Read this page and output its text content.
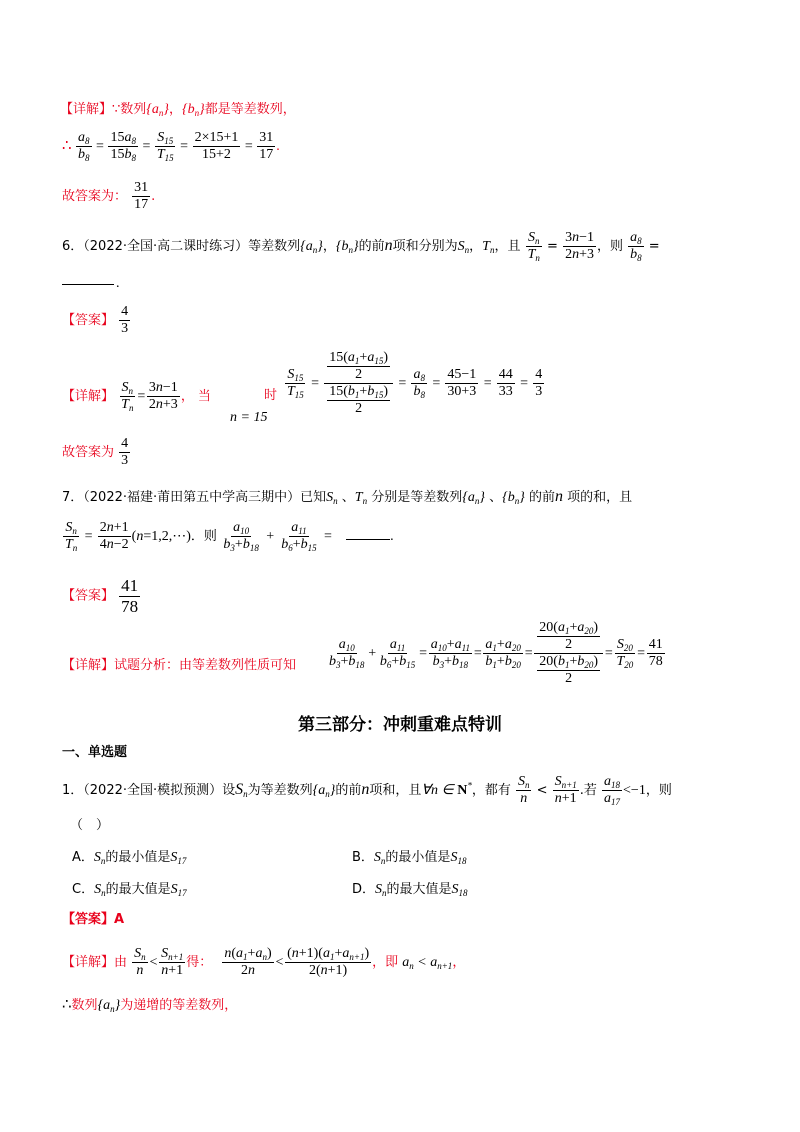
【详解】∵数列$\{a_n\}$，$\{b_n\}$都是等差数列，
∴ $\frac{a_8}{b_8} = \frac{15a_8}{15b_8} = \frac{S_{15}}{T_{15}} = \frac{2\times 15+1}{15+2} = \frac{31}{17}$ .
故答案为： $\frac{31}{17}$ .
6．（2022·全国·高二课时练习）等差数列$\{a_n\}$，$\{b_n\}$的前n项和分别为$S_n$，$T_n$，且 $\frac{S_n}{T_n} = \frac{3n-1}{2n+3}$ ，则 $\frac{a_8}{b_8}$ =
.
【答案】 $\frac{4}{3}$
【详解】 $\frac{S_n}{T_n} = \frac{3n-1}{2n+3}$ ， 当
n = 15
时 $\frac{S_{15}}{T_{15}} = \frac{\frac{15(a_1+a_{15})}{2}}{\frac{15(b_1+b_{15})}{2}} = \frac{a_8}{b_8} = \frac{45-1}{30+3} = \frac{44}{33} = \frac{4}{3}$
故答案为 $\frac{4}{3}$
7．（2022·福建·莆田第五中学高三期中）已知$S_n$ 、$T_n$ 分别是等差数列$\{a_n\}$ 、$\{b_n\}$ 的前n 项的和，且
$\frac{S_n}{T_n} = \frac{2n+1}{4n-2}$ (n=1,2,⋯)．则 $\frac{a_{10}}{b_3+b_{18}} + \frac{a_{11}}{b_6+b_{15}}$ =	.
【答案】 $\frac{41}{78}$
【详解】试题分析：由等差数列性质可知 $\frac{a_{10}}{b_3+b_{18}} + \frac{a_{11}}{b_6+b_{15}} = \frac{a_{10}+a_{11}}{b_3+b_{18}} = \frac{a_1+a_{20}}{b_1+b_{20}} = \frac{\frac{20(a_1+a_{20})}{2}}{\frac{20(b_1+b_{20})}{2}} = \frac{S_{20}}{T_{20}} = \frac{41}{78}$
第三部分：冲刺重难点特训
一、单选题
1．（2022·全国·模拟预测）设$S_n$为等差数列$\{a_n\}$的前n项和，且∀n ∈ N*，都有 $\frac{S_n}{n} < \frac{S_{n+1}}{n+1}$ .若 $\frac{a_{18}}{a_{17}} <-1$，则
（　）
A．$S_n$的最小值是$S_{17}$	B．$S_n$的最小值是$S_{18}$
C．$S_n$的最大值是$S_{17}$	D．$S_n$的最大值是$S_{18}$
【答案】A
【详解】由 $\frac{S_n}{n} < \frac{S_{n+1}}{n+1}$ 得： $\frac{n(a_1+a_n)}{2n} < \frac{(n+1)(a_1+a_{n+1})}{2(n+1)}$ ，即 $a_n < a_{n+1}$，
∴数列$\{a_n\}$为递增的等差数列，
